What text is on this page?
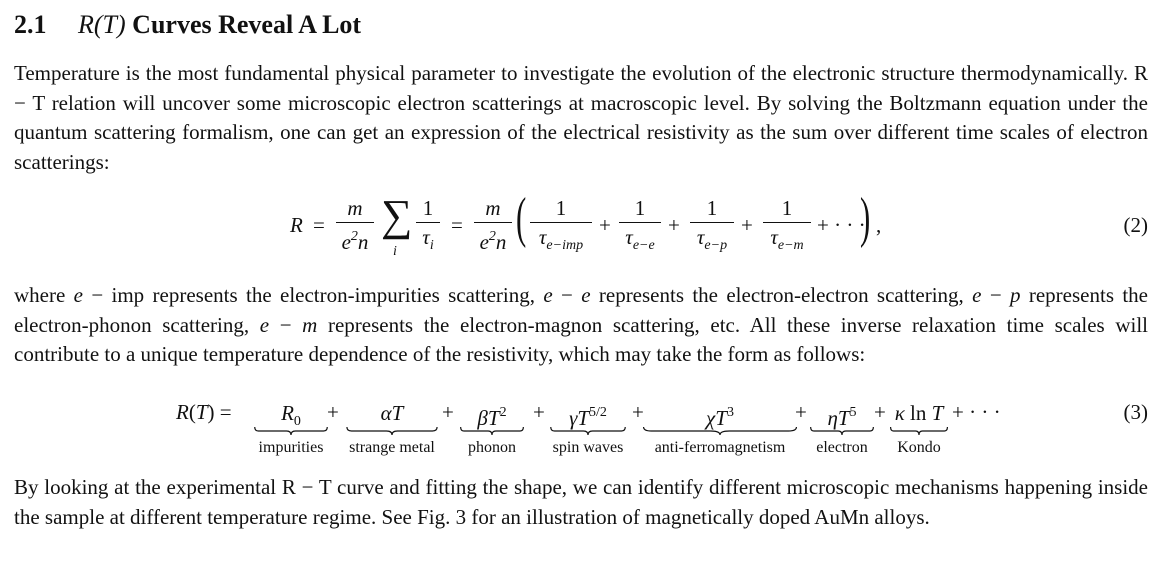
2.1 R(T) Curves Reveal A Lot
Temperature is the most fundamental physical parameter to investigate the evolution of the electronic structure thermodynamically. R − T relation will uncover some microscopic electron scatterings at macroscopic level. By solving the Boltzmann equation under the quantum scattering formalism, one can get an expression of the electrical resistivity as the sum over different time scales of electron scatterings:
R =
m
$e^2n$
∑
i
1
$\tau_i$
=
m
$e^2n$ (	1
$\tau_{e-imp}$
+
1
$\tau_{e-e}$
+
1
$\tau_{e-p}$
+
1
$\tau_{e-m}$
+ · · ·
) ,	(2)
where e − imp represents the electron-impurities scattering, e − e represents the electron-electron scattering, e − p represents the electron-phonon scattering, e − m represents the electron-magnon scattering, etc. All these inverse relaxation time scales will contribute to a unique temperature dependence of the resistivity, which may take the form as follows:
R(T) =	$R_0$
impurities
+	αT
strange metal
+	$\beta T^2$
phonon
+	$\gamma T^{5/2}$
spin waves
+	$\chi T^3$
anti-ferromagnetism
+ $\eta T^5$
electron
+ κ ln T
Kondo
+ · · ·	(3)
By looking at the experimental R − T curve and fitting the shape, we can identify different microscopic mechanisms happening inside the sample at different temperature regime. See Fig. 3 for an illustration of magnetically doped AuMn alloys.
